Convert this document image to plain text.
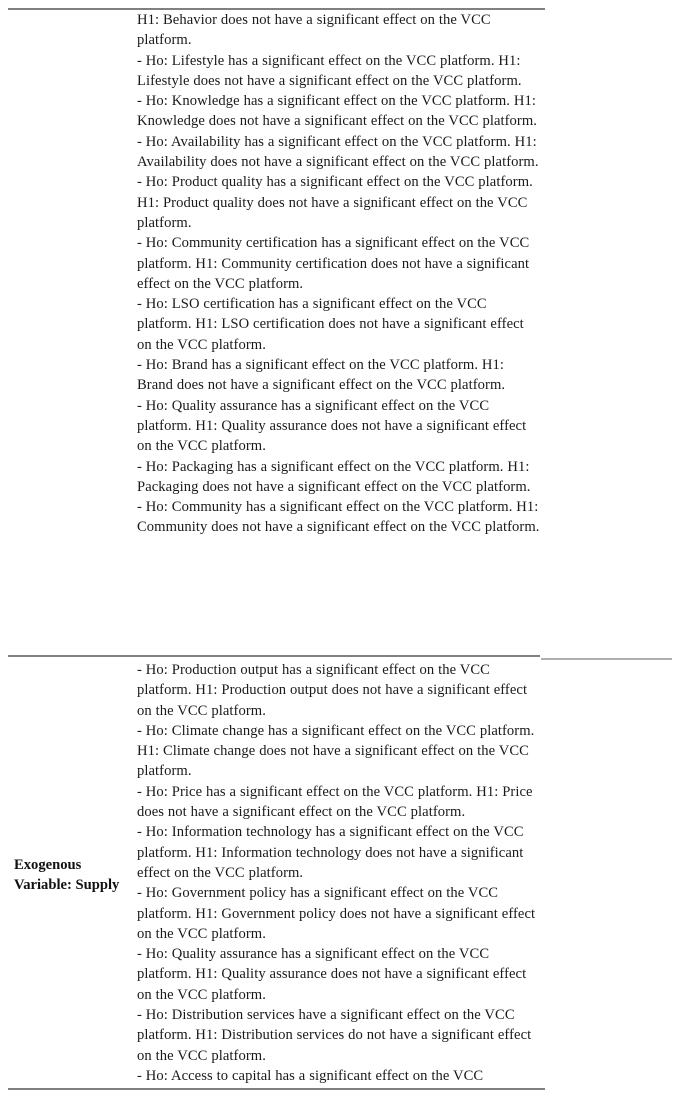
H1: Behavior does not have a significant effect on the VCC platform.

- Ho: Lifestyle has a significant effect on the VCC platform. H1: Lifestyle does not have a significant effect on the VCC platform.

- Ho: Knowledge has a significant effect on the VCC platform. H1: Knowledge does not have a significant effect on the VCC platform.

- Ho: Availability has a significant effect on the VCC platform. H1: Availability does not have a significant effect on the VCC platform.

- Ho: Product quality has a significant effect on the VCC platform. H1: Product quality does not have a significant effect on the VCC platform.

- Ho: Community certification has a significant effect on the VCC platform. H1: Community certification does not have a significant effect on the VCC platform.

- Ho: LSO certification has a significant effect on the VCC platform. H1: LSO certification does not have a significant effect on the VCC platform.

- Ho: Brand has a significant effect on the VCC platform. H1: Brand does not have a significant effect on the VCC platform.

- Ho: Quality assurance has a significant effect on the VCC platform. H1: Quality assurance does not have a significant effect on the VCC platform.

- Ho: Packaging has a significant effect on the VCC platform. H1: Packaging does not have a significant effect on the VCC platform.

- Ho: Community has a significant effect on the VCC platform. H1: Community does not have a significant effect on the VCC platform.

Exogenous
Variable: Supply

- Ho: Production output has a significant effect on the VCC platform. H1: Production output does not have a significant effect on the VCC platform.

- Ho: Climate change has a significant effect on the VCC platform. H1: Climate change does not have a significant effect on the VCC platform.

- Ho: Price has a significant effect on the VCC platform. H1: Price does not have a significant effect on the VCC platform.

- Ho: Information technology has a significant effect on the VCC platform. H1: Information technology does not have a significant effect on the VCC platform.

- Ho: Government policy has a significant effect on the VCC platform. H1: Government policy does not have a significant effect on the VCC platform.

- Ho: Quality assurance has a significant effect on the VCC platform. H1: Quality assurance does not have a significant effect on the VCC platform.

- Ho: Distribution services have a significant effect on the VCC platform. H1: Distribution services do not have a significant effect on the VCC platform.

- Ho: Access to capital has a significant effect on the VCC
